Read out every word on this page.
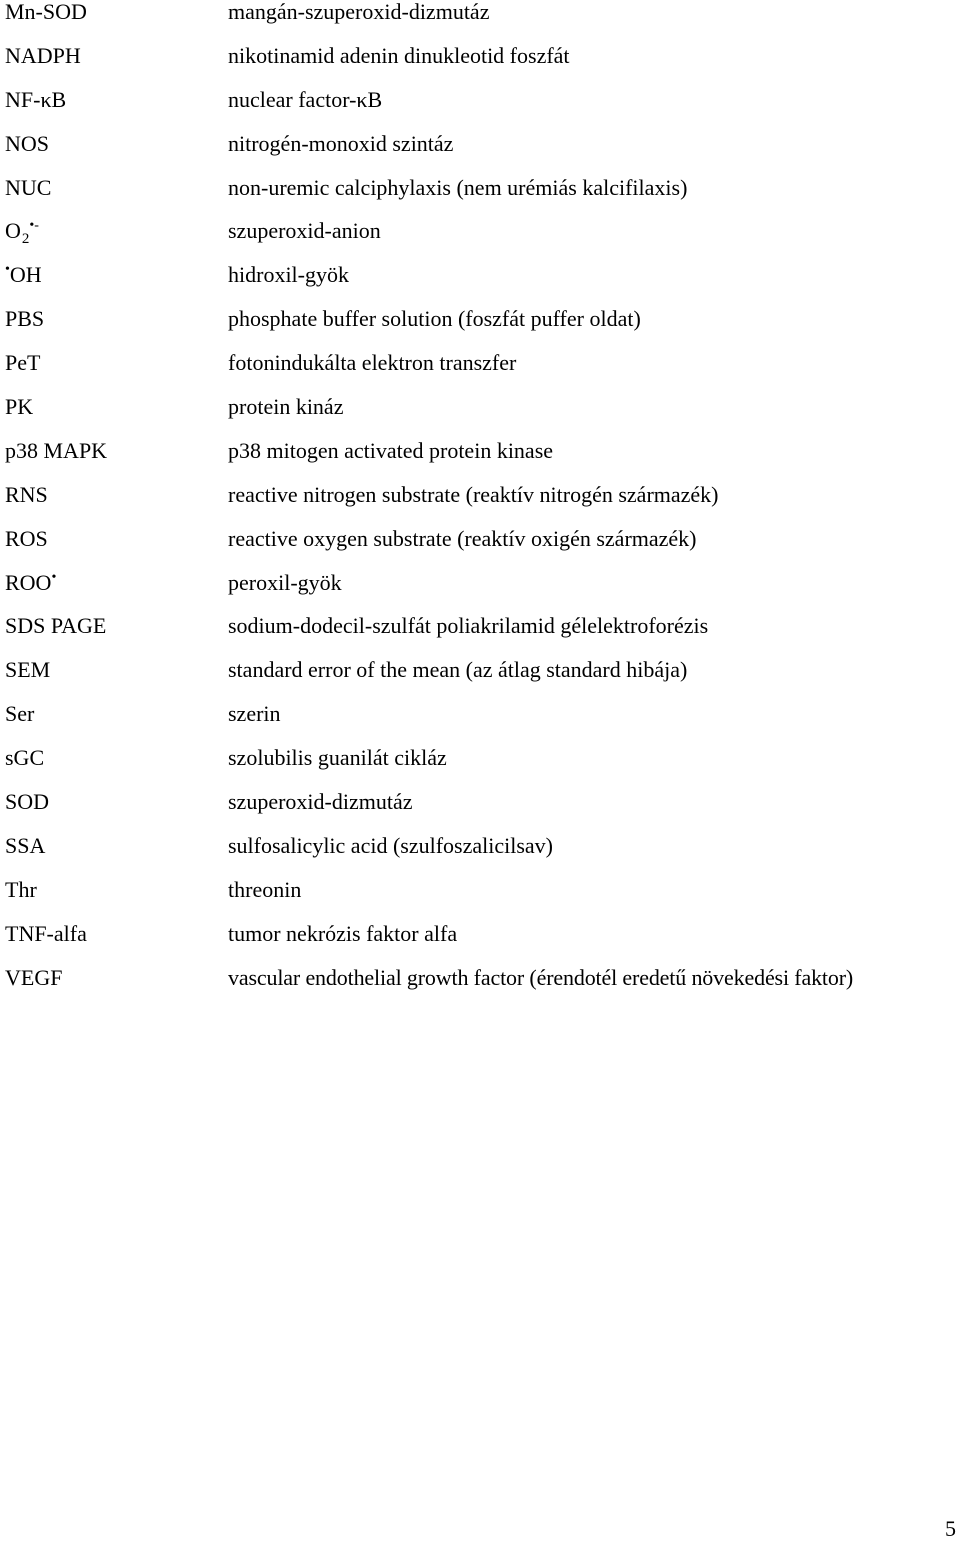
Mn-SOD	mangán-szuperoxid-dizmutáz
NADPH	nikotinamid adenin dinukleotid foszfát
NF-κB	nuclear factor-κB
NOS	nitrogén-monoxid szintáz
NUC	non-uremic calciphylaxis (nem urémiás kalcifilaxis)
$O_2^{•-}$	szuperoxid-anion
•OH	hidroxil-gyök
PBS	phosphate buffer solution (foszfát puffer oldat)
PeT	fotonindukálta elektron transzfer
PK	protein kináz
p38 MAPK	p38 mitogen activated protein kinase
RNS	reactive nitrogen substrate (reaktív nitrogén származék)
ROS	reactive oxygen substrate (reaktív oxigén származék)
ROO•	peroxil-gyök
SDS PAGE	sodium-dodecil-szulfát poliakrilamid gélelektroforézis
SEM	standard error of the mean (az átlag standard hibája)
Ser	szerin
sGC	szolubilis guanilát cikláz
SOD	szuperoxid-dizmutáz
SSA	sulfosalicylic acid (szulfoszalicilsav)
Thr	threonin
TNF-alfa	tumor nekrózis faktor alfa
VEGF	vascular endothelial growth factor (érendotél eredetű növekedési faktor)
5
